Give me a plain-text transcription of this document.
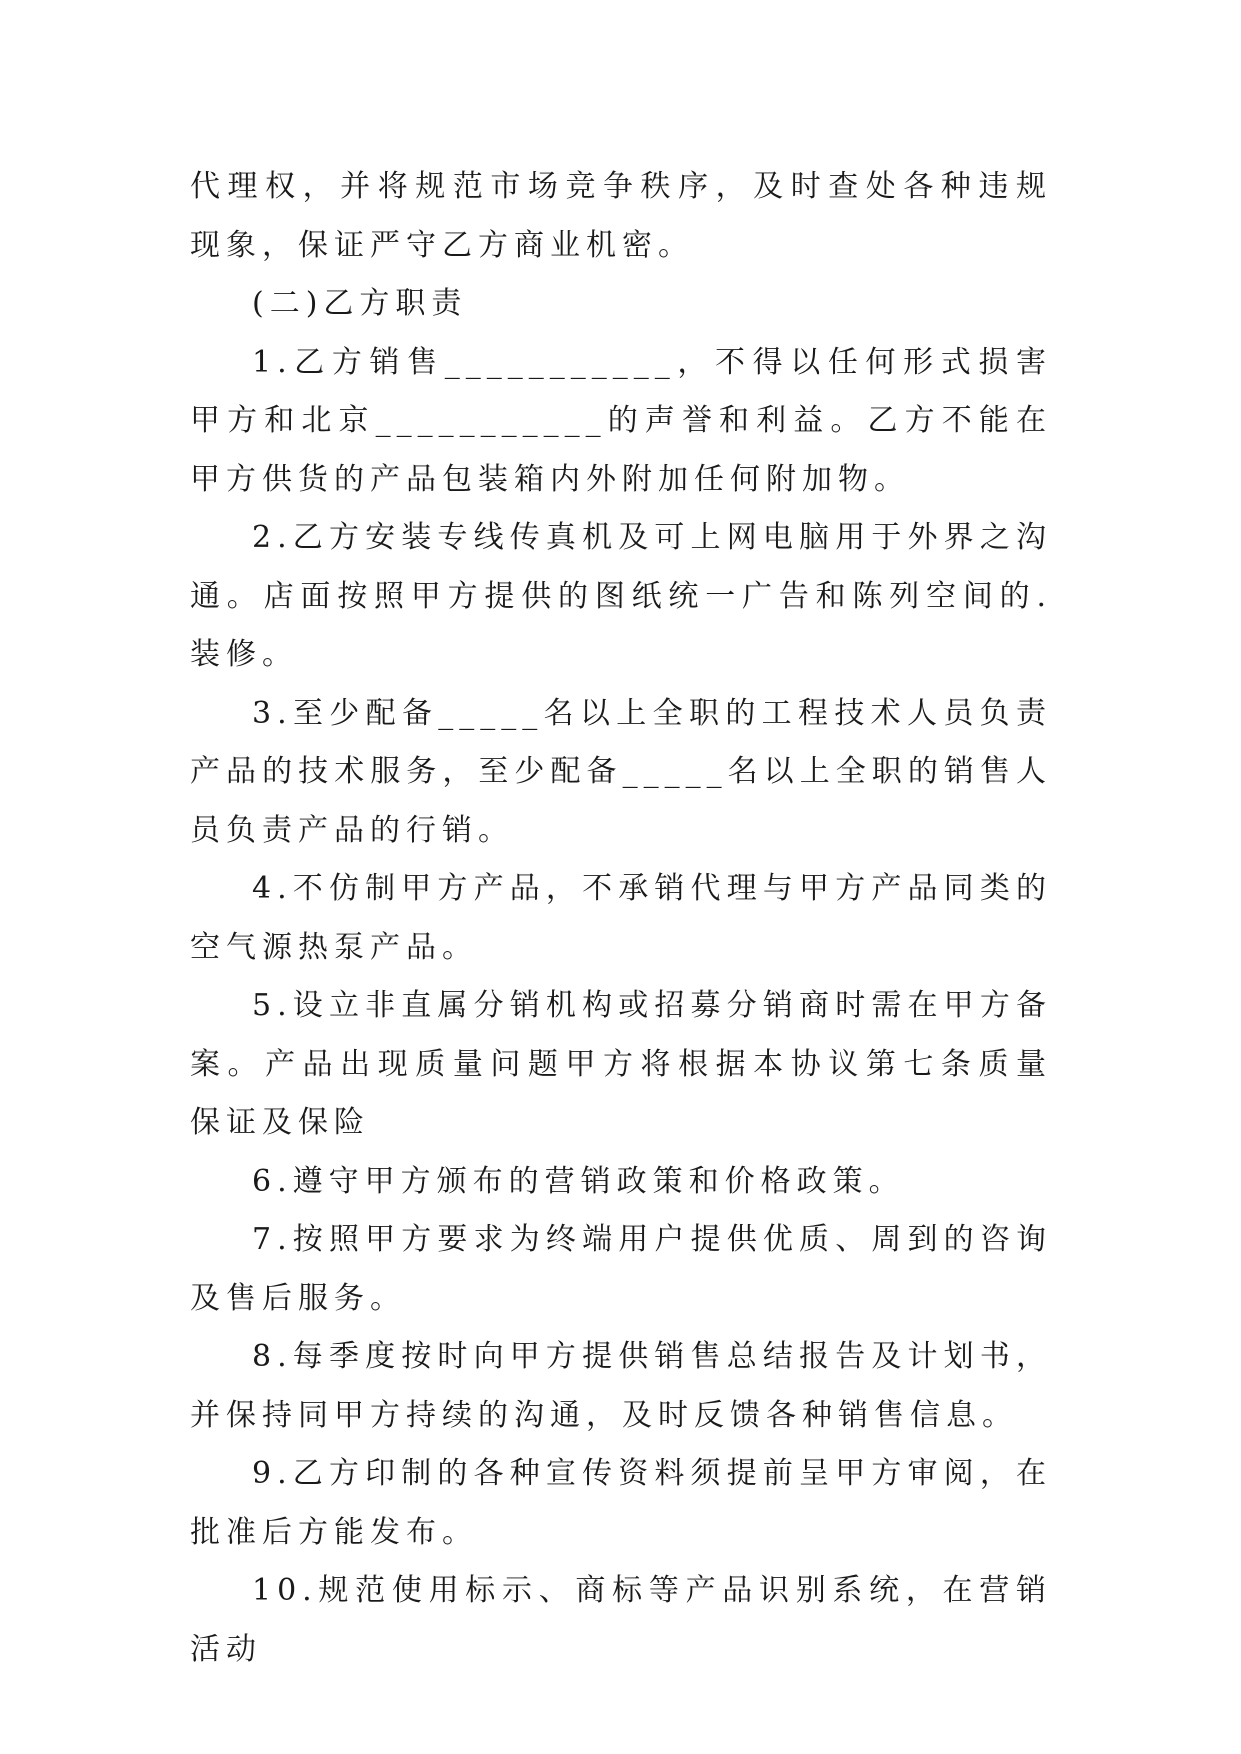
代理权，并将规范市场竞争秩序，及时查处各种违规现象，保证严守乙方商业机密。

(二)乙方职责

1.乙方销售___________，不得以任何形式损害甲方和北京___________的声誉和利益。乙方不能在甲方供货的产品包装箱内外附加任何附加物。

2.乙方安装专线传真机及可上网电脑用于外界之沟通。店面按照甲方提供的图纸统一广告和陈列空间的.装修。

3.至少配备_____名以上全职的工程技术人员负责产品的技术服务，至少配备_____名以上全职的销售人员负责产品的行销。

4.不仿制甲方产品，不承销代理与甲方产品同类的空气源热泵产品。

5.设立非直属分销机构或招募分销商时需在甲方备案。产品出现质量问题甲方将根据本协议第七条质量保证及保险

6.遵守甲方颁布的营销政策和价格政策。

7.按照甲方要求为终端用户提供优质、周到的咨询及售后服务。

8.每季度按时向甲方提供销售总结报告及计划书，并保持同甲方持续的沟通，及时反馈各种销售信息。

9.乙方印制的各种宣传资料须提前呈甲方审阅，在批准后方能发布。

10.规范使用标示、商标等产品识别系统，在营销活动
